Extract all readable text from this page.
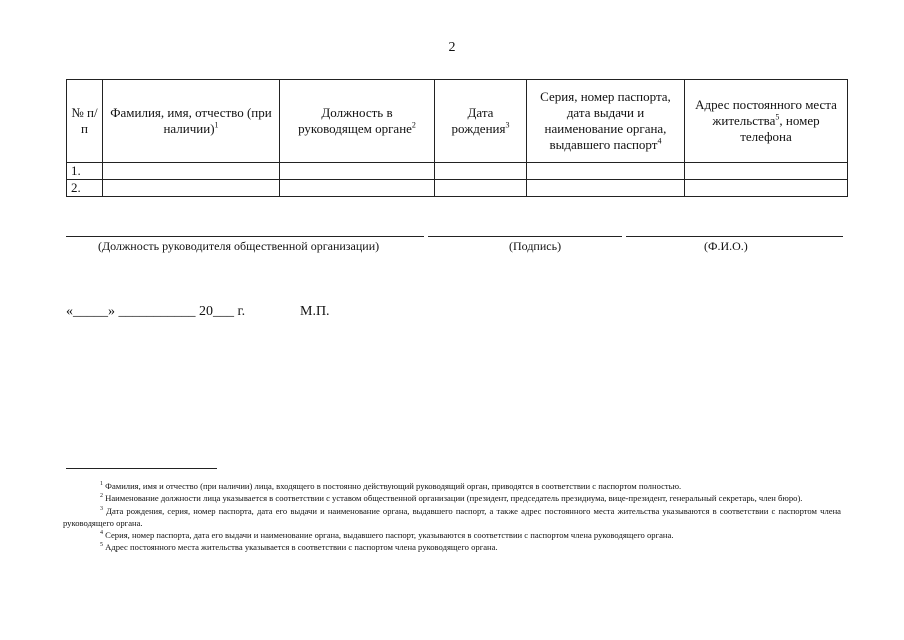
2
№ п/п	Фамилия, имя, отчество (при наличии)$^1$	Должность в руководящем органе$^2$	Дата рождения$^3$	Серия, номер паспорта, дата выдачи и наименование органа, выдавшего паспорт$^4$	Адрес постоянного места жительства$^5$, номер телефона
1.					
2.					
(Должность руководителя общественной организации)	(Подпись)	(Ф.И.О.)
«_____» ___________ 20___ г.	М.П.

$^1$ Фамилия, имя и отчество (при наличии) лица, входящего в постоянно действующий руководящий орган, приводятся в соответствии с паспортом полностью.

$^2$ Наименование должности лица указывается в соответствии с уставом общественной организации (президент, председатель президиума, вице-президент, генеральный секретарь, член бюро).

$^3$ Дата рождения, серия, номер паспорта, дата его выдачи и наименование органа, выдавшего паспорт, а также адрес постоянного места жительства указываются в соответствии с паспортом члена руководящего органа.

$^4$ Серия, номер паспорта, дата его выдачи и наименование органа, выдавшего паспорт, указываются в соответствии с паспортом члена руководящего органа.

$^5$ Адрес постоянного места жительства указывается в соответствии с паспортом члена руководящего органа.
